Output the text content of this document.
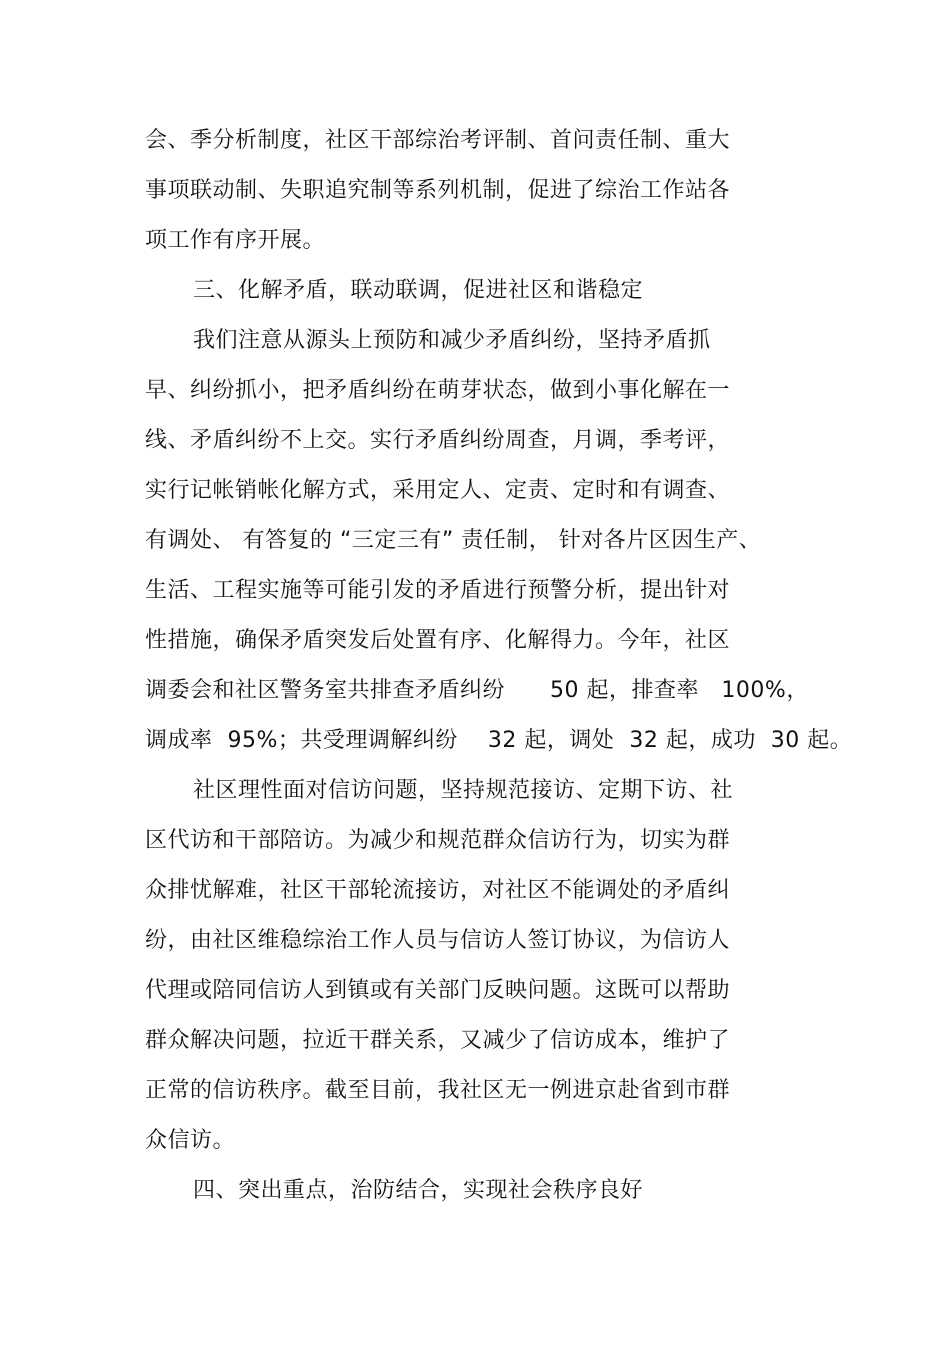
会、季分析制度，社区干部综治考评制、首问责任制、重大
事项联动制、失职追究制等系列机制，促进了综治工作站各
项工作有序开展。
三、化解矛盾，联动联调，促进社区和谐稳定
我们注意从源头上预防和减少矛盾纠纷，坚持矛盾抓
早、纠纷抓小，把矛盾纠纷在萌芽状态，做到小事化解在一
线、矛盾纠纷不上交。实行矛盾纠纷周查，月调，季考评，
实行记帐销帐化解方式，采用定人、定责、定时和有调查、
有调处、 有答复的 “三定三有” 责任制， 针对各片区因生产、
生活、工程实施等可能引发的矛盾进行预警分析，提出针对
性措施，确保矛盾突发后处置有序、化解得力。今年，社区
调委会和社区警务室共排查矛盾纠纷      50 起，排查率   100%，
调成率  95%；共受理调解纠纷    32 起，调处  32 起，成功  30 起。
社区理性面对信访问题，坚持规范接访、定期下访、社
区代访和干部陪访。为减少和规范群众信访行为，切实为群
众排忧解难，社区干部轮流接访，对社区不能调处的矛盾纠
纷，由社区维稳综治工作人员与信访人签订协议，为信访人
代理或陪同信访人到镇或有关部门反映问题。这既可以帮助
群众解决问题，拉近干群关系，又减少了信访成本，维护了
正常的信访秩序。截至目前，我社区无一例进京赴省到市群
众信访。
四、突出重点，治防结合，实现社会秩序良好
